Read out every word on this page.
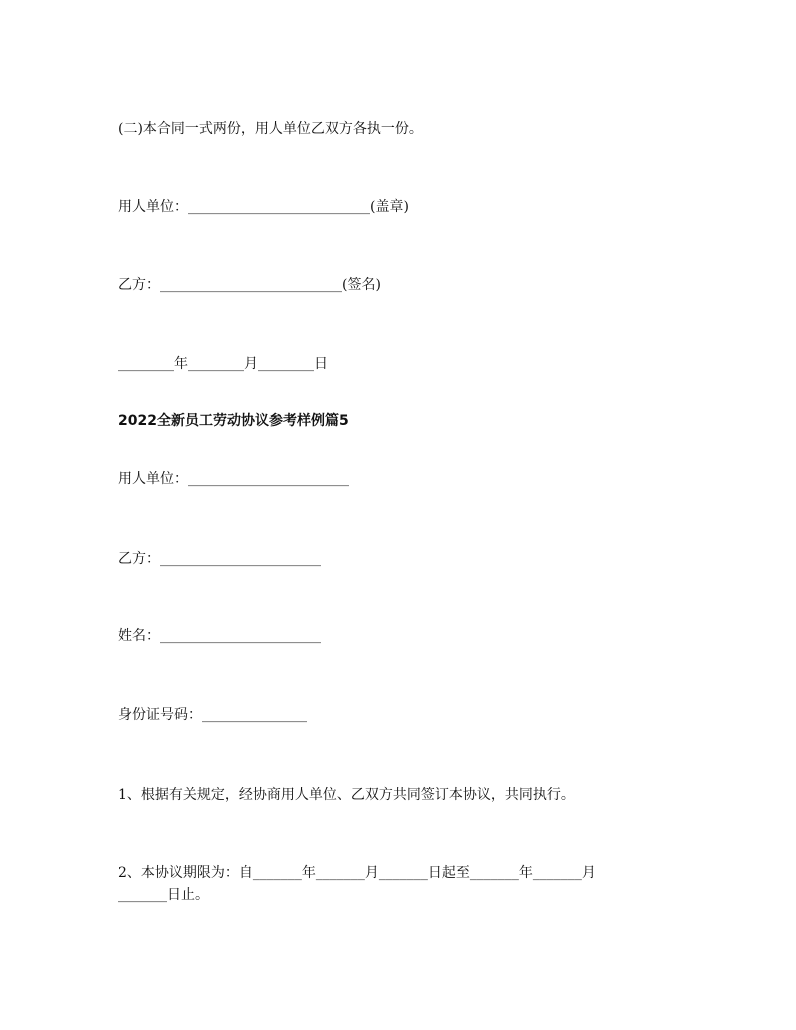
(二)本合同一式两份，用人单位乙双方各执一份。
用人单位：__________________________(盖章)
乙方：__________________________(签名)
________年________月________日
2022全新员工劳动协议参考样例篇5
用人单位：_______________________
乙方：_______________________
姓名：_______________________
身份证号码：_______________
1、根据有关规定，经协商用人单位、乙双方共同签订本协议，共同执行。
2、本协议期限为：自_______年_______月_______日起至_______年_______月
_______日止。
